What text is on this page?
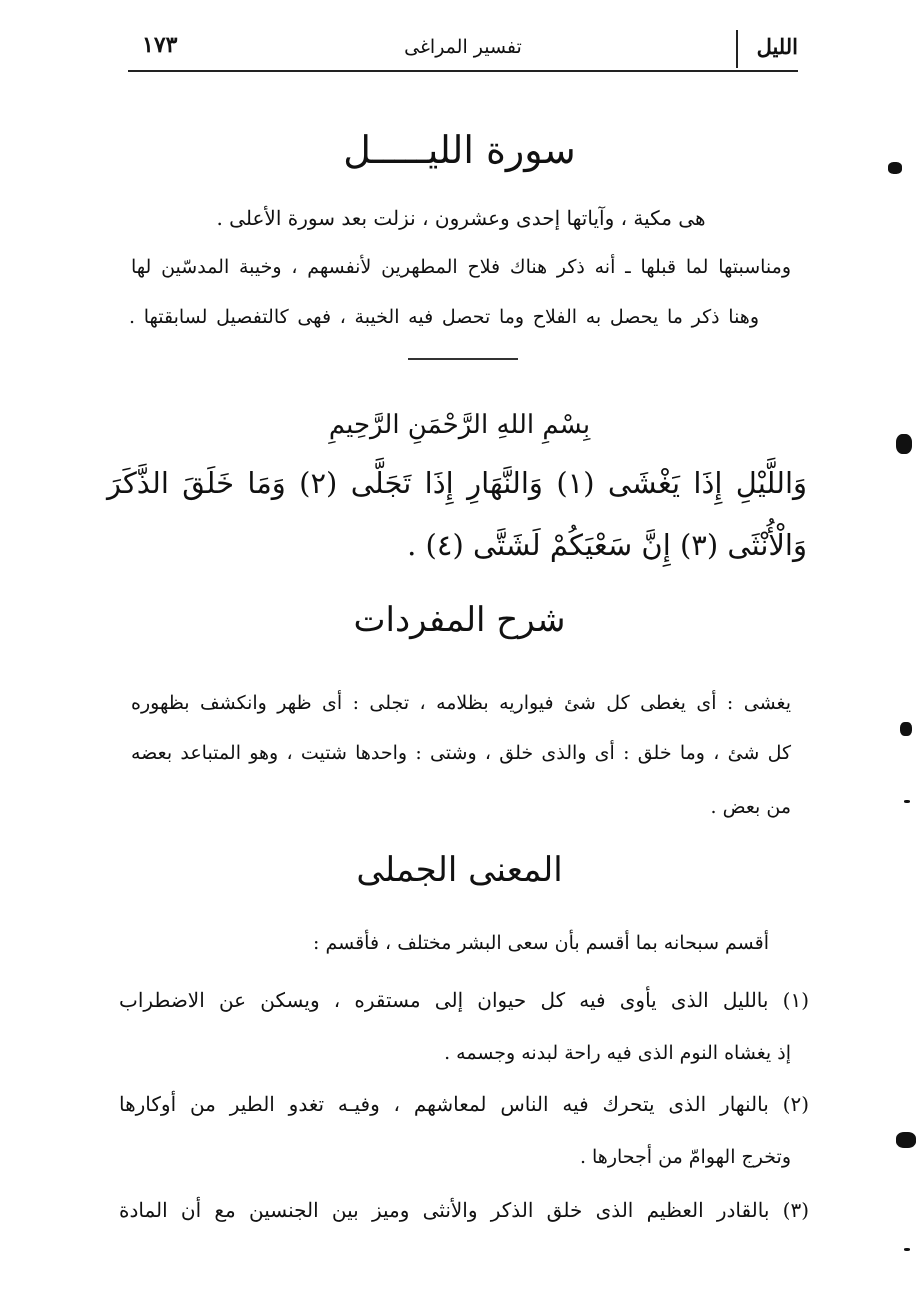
الليل
تفسير المراغى
١٧٣
سورة الليـــــل
هى مكية ، وآياتها إحدى وعشرون ، نزلت بعد سورة الأعلى .
ومناسبتها لما قبلها ـ أنه ذكر هناك فلاح المطهرين لأنفسهم ، وخيبة المدسّين لها
وهنا ذكر ما يحصل به الفلاح وما تحصل فيه الخيبة ، فهى كالتفصيل لسابقتها .
بِسْمِ اللهِ الرَّحْمَنِ الرَّحِيمِ
وَاللَّيْلِ إِذَا يَغْشَى (١) وَالنَّهَارِ إِذَا تَجَلَّى (٢) وَمَا خَلَقَ الذَّكَرَ
وَالْأُنْثَى (٣) إِنَّ سَعْيَكُمْ لَشَتَّى (٤) .
شرح المفردات
يغشى : أى يغطى كل شئ فيواريه بظلامه ، تجلى : أى ظهر وانكشف بظهوره
كل شئ ، وما خلق : أى والذى خلق ، وشتى : واحدها شتيت ، وهو المتباعد بعضه
من بعض .
المعنى الجملى
أقسم سبحانه بما أقسم بأن سعى البشر مختلف ، فأقسم :
(١) بالليل الذى يأوى فيه كل حيوان إلى مستقره ، ويسكن عن الاضطراب
إذ يغشاه النوم الذى فيه راحة لبدنه وجسمه .
(٢) بالنهار الذى يتحرك فيه الناس لمعاشهم ، وفيـه تغدو الطير من أوكارها
وتخرج الهوامّ من أجحارها .
(٣) بالقادر العظيم الذى خلق الذكر والأنثى وميز بين الجنسين مع أن المادة
